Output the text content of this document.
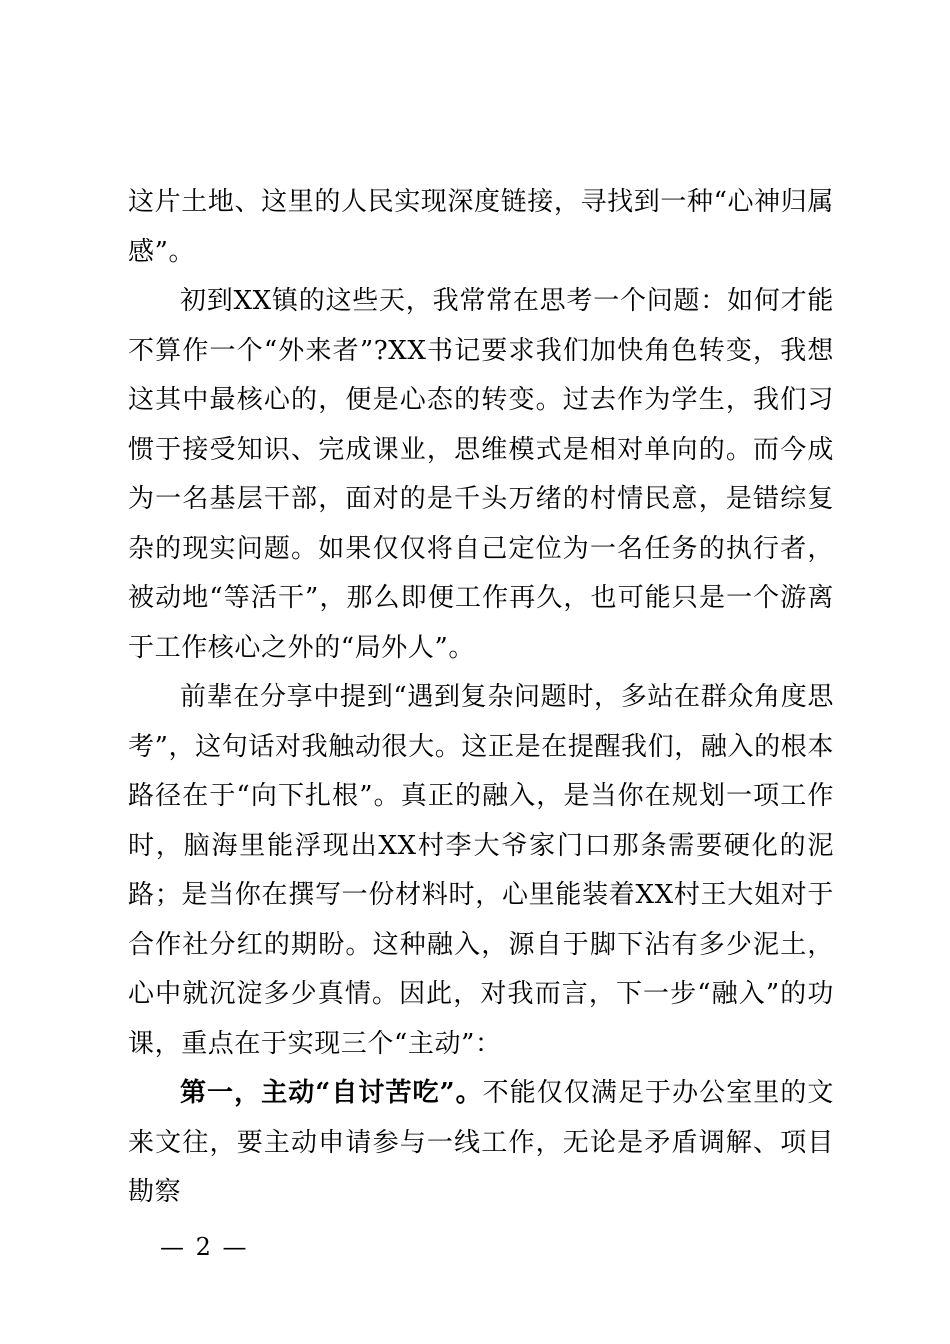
这片土地、这里的人民实现深度链接，寻找到一种“心神归属感”。

初到XX镇的这些天，我常常在思考一个问题：如何才能不算作一个“外来者”?XX书记要求我们加快角色转变，我想这其中最核心的，便是心态的转变。过去作为学生，我们习惯于接受知识、完成课业，思维模式是相对单向的。而今成为一名基层干部，面对的是千头万绪的村情民意，是错综复杂的现实问题。如果仅仅将自己定位为一名任务的执行者，被动地“等活干”，那么即便工作再久，也可能只是一个游离于工作核心之外的“局外人”。

前辈在分享中提到“遇到复杂问题时，多站在群众角度思考”，这句话对我触动很大。这正是在提醒我们，融入的根本路径在于“向下扎根”。真正的融入，是当你在规划一项工作时，脑海里能浮现出XX村李大爷家门口那条需要硬化的泥路；是当你在撰写一份材料时，心里能装着XX村王大姐对于合作社分红的期盼。这种融入，源自于脚下沾有多少泥土，心中就沉淀多少真情。因此，对我而言，下一步“融入”的功课，重点在于实现三个“主动”：

第一，主动“自讨苦吃”。不能仅仅满足于办公室里的文来文往，要主动申请参与一线工作，无论是矛盾调解、项目勘察

— 2 —
